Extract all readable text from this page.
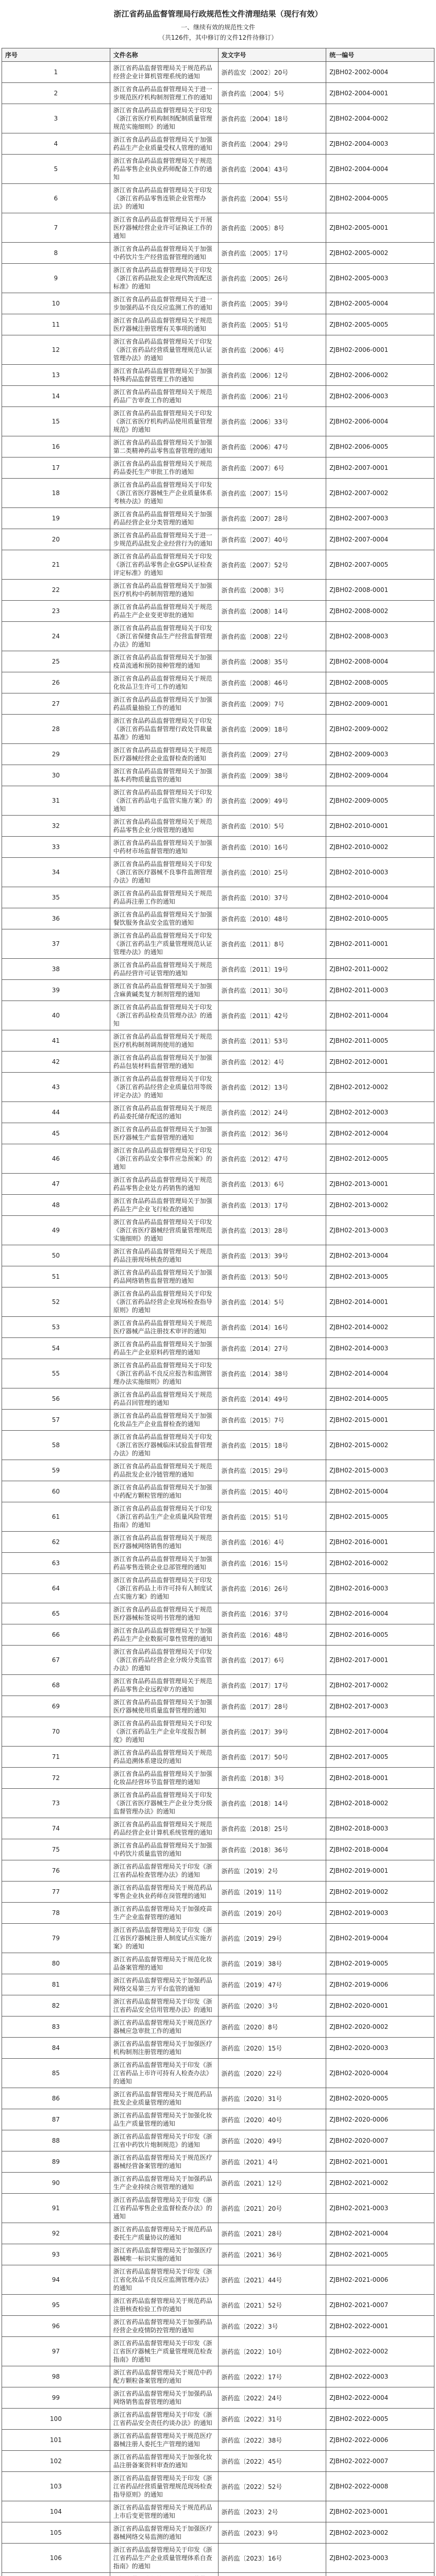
浙江省药品监督管理局行政规范性文件清理结果（现行有效）
一、继续有效的规范性文件
（共126件，其中修订的文件12件待修订）
序号	文件名称	发文字号	统一编号
1	浙江省药品监督管理局关于规范药品经营企业计算机管理系统的通知	浙药监安〔2002〕20号	ZJBH02-2002-0004
2	浙江省食品药品监督管理局关于进一步规范医疗机构制剂管理工作的通知	浙食药监〔2004〕5号	ZJBH02-2004-0001
3	浙江省食品药品监督管理局关于印发《浙江省医疗机构制剂配制质量管理规范实施细则》的通知	浙食药监〔2004〕18号	ZJBH02-2004-0002
4	浙江省食品药品监督管理局关于加强药品生产企业质量受权人管理的通知	浙食药监〔2004〕29号	ZJBH02-2004-0003
5	浙江省食品药品监督管理局关于规范药品零售企业执业药师配备工作的通知	浙食药监〔2004〕43号	ZJBH02-2004-0004
6	浙江省食品药品监督管理局关于印发《浙江省药品零售连锁企业管理办法》的通知	浙食药监〔2004〕55号	ZJBH02-2004-0005
7	浙江省食品药品监督管理局关于开展医疗器械经营企业许可证换证工作的通知	浙食药监〔2005〕8号	ZJBH02-2005-0001
8	浙江省食品药品监督管理局关于加强中药饮片生产经营监督管理的通知	浙食药监〔2005〕17号	ZJBH02-2005-0002
9	浙江省食品药品监督管理局关于印发《浙江省药品批发企业现代物流配送标准》的通知	浙食药监〔2005〕26号	ZJBH02-2005-0003
10	浙江省食品药品监督管理局关于进一步加强药品不良反应监测工作的通知	浙食药监〔2005〕39号	ZJBH02-2005-0004
11	浙江省食品药品监督管理局关于规范医疗器械注册管理有关事项的通知	浙食药监〔2005〕51号	ZJBH02-2005-0005
12	浙江省食品药品监督管理局关于印发《浙江省药品经营质量管理规范认证管理办法》的通知	浙食药监〔2006〕4号	ZJBH02-2006-0001
13	浙江省食品药品监督管理局关于加强特殊药品监督管理工作的通知	浙食药监〔2006〕12号	ZJBH02-2006-0002
14	浙江省食品药品监督管理局关于规范药品广告审查工作的通知	浙食药监〔2006〕21号	ZJBH02-2006-0003
15	浙江省食品药品监督管理局关于印发《浙江省医疗机构药品使用质量管理规范》的通知	浙食药监〔2006〕33号	ZJBH02-2006-0004
16	浙江省食品药品监督管理局关于加强第二类精神药品零售监督管理的通知	浙食药监〔2006〕47号	ZJBH02-2006-0005
17	浙江省食品药品监督管理局关于规范药品委托生产审批工作的通知	浙食药监〔2007〕6号	ZJBH02-2007-0001
18	浙江省食品药品监督管理局关于印发《浙江省医疗器械生产企业质量体系考核办法》的通知	浙食药监〔2007〕15号	ZJBH02-2007-0002
19	浙江省食品药品监督管理局关于加强药品经营企业分类管理的通知	浙食药监〔2007〕28号	ZJBH02-2007-0003
20	浙江省食品药品监督管理局关于进一步规范药品批发企业经营行为的通知	浙食药监〔2007〕40号	ZJBH02-2007-0004
21	浙江省食品药品监督管理局关于印发《浙江省药品零售企业GSP认证检查评定标准》的通知	浙食药监〔2007〕52号	ZJBH02-2007-0005
22	浙江省食品药品监督管理局关于加强医疗机构中药制剂管理的通知	浙食药监〔2008〕3号	ZJBH02-2008-0001
23	浙江省食品药品监督管理局关于规范药品生产企业变更审批的通知	浙食药监〔2008〕14号	ZJBH02-2008-0002
24	浙江省食品药品监督管理局关于印发《浙江省保健食品生产经营监督管理办法》的通知	浙食药监〔2008〕22号	ZJBH02-2008-0003
25	浙江省食品药品监督管理局关于加强疫苗流通和预防接种管理的通知	浙食药监〔2008〕35号	ZJBH02-2008-0004
26	浙江省食品药品监督管理局关于规范化妆品卫生许可工作的通知	浙食药监〔2008〕46号	ZJBH02-2008-0005
27	浙江省食品药品监督管理局关于加强药品质量抽验工作的通知	浙食药监〔2009〕7号	ZJBH02-2009-0001
28	浙江省食品药品监督管理局关于印发《浙江省药品监督管理行政处罚裁量基准》的通知	浙食药监〔2009〕18号	ZJBH02-2009-0002
29	浙江省食品药品监督管理局关于规范医疗器械经营企业监督检查的通知	浙食药监〔2009〕27号	ZJBH02-2009-0003
30	浙江省食品药品监督管理局关于加强基本药物质量监管的通知	浙食药监〔2009〕38号	ZJBH02-2009-0004
31	浙江省食品药品监督管理局关于印发《浙江省药品电子监管实施方案》的通知	浙食药监〔2009〕49号	ZJBH02-2009-0005
32	浙江省食品药品监督管理局关于规范药品零售企业分级管理的通知	浙食药监〔2010〕5号	ZJBH02-2010-0001
33	浙江省食品药品监督管理局关于加强中药材市场监督管理的通知	浙食药监〔2010〕16号	ZJBH02-2010-0002
34	浙江省食品药品监督管理局关于印发《浙江省医疗器械不良事件监测管理办法》的通知	浙食药监〔2010〕25号	ZJBH02-2010-0003
35	浙江省食品药品监督管理局关于规范药品再注册工作的通知	浙食药监〔2010〕37号	ZJBH02-2010-0004
36	浙江省食品药品监督管理局关于加强餐饮服务食品安全监管的通知	浙食药监〔2010〕48号	ZJBH02-2010-0005
37	浙江省食品药品监督管理局关于印发《浙江省药品生产质量管理规范认证管理办法》的通知	浙食药监〔2011〕8号	ZJBH02-2011-0001
38	浙江省食品药品监督管理局关于规范药品经营许可证管理的通知	浙食药监〔2011〕19号	ZJBH02-2011-0002
39	浙江省食品药品监督管理局关于加强含麻黄碱类复方制剂管理的通知	浙食药监〔2011〕30号	ZJBH02-2011-0003
40	浙江省食品药品监督管理局关于印发《浙江省药品检查员管理办法》的通知	浙食药监〔2011〕42号	ZJBH02-2011-0004
41	浙江省食品药品监督管理局关于规范医疗机构制剂调剂使用的通知	浙食药监〔2011〕53号	ZJBH02-2011-0005
42	浙江省食品药品监督管理局关于加强药品包装材料监督管理的通知	浙食药监〔2012〕4号	ZJBH02-2012-0001
43	浙江省食品药品监督管理局关于印发《浙江省药品经营企业质量信用等级评定办法》的通知	浙食药监〔2012〕13号	ZJBH02-2012-0002
44	浙江省食品药品监督管理局关于规范药品委托储存配送的通知	浙食药监〔2012〕24号	ZJBH02-2012-0003
45	浙江省食品药品监督管理局关于加强医疗器械生产监督管理的通知	浙食药监〔2012〕36号	ZJBH02-2012-0004
46	浙江省食品药品监督管理局关于印发《浙江省药品安全事件应急预案》的通知	浙食药监〔2012〕47号	ZJBH02-2012-0005
47	浙江省食品药品监督管理局关于规范药品零售企业处方药销售的通知	浙食药监〔2013〕6号	ZJBH02-2013-0001
48	浙江省食品药品监督管理局关于加强药品生产企业飞行检查的通知	浙食药监〔2013〕17号	ZJBH02-2013-0002
49	浙江省食品药品监督管理局关于印发《浙江省医疗器械经营质量管理规范实施细则》的通知	浙食药监〔2013〕28号	ZJBH02-2013-0003
50	浙江省食品药品监督管理局关于规范药品注册现场核查的通知	浙食药监〔2013〕39号	ZJBH02-2013-0004
51	浙江省食品药品监督管理局关于加强药品网络销售监督管理的通知	浙食药监〔2013〕50号	ZJBH02-2013-0005
52	浙江省食品药品监督管理局关于印发《浙江省药品经营企业现场检查指导原则》的通知	浙食药监〔2014〕5号	ZJBH02-2014-0001
53	浙江省食品药品监督管理局关于规范医疗器械产品注册技术审评的通知	浙食药监〔2014〕16号	ZJBH02-2014-0002
54	浙江省食品药品监督管理局关于加强药品生产企业原料药管理的通知	浙食药监〔2014〕27号	ZJBH02-2014-0003
55	浙江省食品药品监督管理局关于印发《浙江省药品不良反应报告和监测管理办法实施细则》的通知	浙食药监〔2014〕38号	ZJBH02-2014-0004
56	浙江省食品药品监督管理局关于规范药品召回管理的通知	浙食药监〔2014〕49号	ZJBH02-2014-0005
57	浙江省食品药品监督管理局关于加强化妆品生产企业监督检查的通知	浙食药监〔2015〕7号	ZJBH02-2015-0001
58	浙江省食品药品监督管理局关于印发《浙江省医疗器械临床试验监督管理办法》的通知	浙食药监〔2015〕18号	ZJBH02-2015-0002
59	浙江省食品药品监督管理局关于规范药品批发企业冷链管理的通知	浙食药监〔2015〕29号	ZJBH02-2015-0003
60	浙江省食品药品监督管理局关于加强中药配方颗粒管理的通知	浙食药监〔2015〕40号	ZJBH02-2015-0004
61	浙江省食品药品监督管理局关于印发《浙江省药品生产企业质量风险管理指南》的通知	浙食药监〔2015〕51号	ZJBH02-2015-0005
62	浙江省食品药品监督管理局关于规范医疗器械网络销售的通知	浙食药监〔2016〕4号	ZJBH02-2016-0001
63	浙江省食品药品监督管理局关于加强药品零售连锁企业总部管理的通知	浙食药监〔2016〕15号	ZJBH02-2016-0002
64	浙江省食品药品监督管理局关于印发《浙江省药品上市许可持有人制度试点实施方案》的通知	浙食药监〔2016〕26号	ZJBH02-2016-0003
65	浙江省食品药品监督管理局关于规范医疗器械标签说明书管理的通知	浙食药监〔2016〕37号	ZJBH02-2016-0004
66	浙江省食品药品监督管理局关于加强药品生产企业数据可靠性管理的通知	浙食药监〔2016〕48号	ZJBH02-2016-0005
67	浙江省食品药品监督管理局关于印发《浙江省药品经营企业分级分类监管办法》的通知	浙食药监〔2017〕6号	ZJBH02-2017-0001
68	浙江省食品药品监督管理局关于规范药品零售企业远程审方的通知	浙食药监〔2017〕17号	ZJBH02-2017-0002
69	浙江省食品药品监督管理局关于加强医疗器械使用质量监督管理的通知	浙食药监〔2017〕28号	ZJBH02-2017-0003
70	浙江省食品药品监督管理局关于印发《浙江省药品生产企业年度报告制度》的通知	浙食药监〔2017〕39号	ZJBH02-2017-0004
71	浙江省食品药品监督管理局关于规范药品追溯体系建设的通知	浙食药监〔2017〕50号	ZJBH02-2017-0005
72	浙江省食品药品监督管理局关于加强化妆品经营环节监督管理的通知	浙食药监〔2018〕3号	ZJBH02-2018-0001
73	浙江省食品药品监督管理局关于印发《浙江省医疗器械生产企业分类分级监督管理办法》的通知	浙食药监〔2018〕14号	ZJBH02-2018-0002
74	浙江省食品药品监督管理局关于规范药品经营企业计算机系统管理的通知	浙食药监〔2018〕25号	ZJBH02-2018-0003
75	浙江省食品药品监督管理局关于加强中药饮片质量监管的通知	浙食药监〔2018〕36号	ZJBH02-2018-0004
76	浙江省药品监督管理局关于印发《浙江省药品检查管理办法》的通知	浙药监〔2019〕2号	ZJBH02-2019-0001
77	浙江省药品监督管理局关于规范药品零售企业执业药师在岗管理的通知	浙药监〔2019〕11号	ZJBH02-2019-0002
78	浙江省药品监督管理局关于加强疫苗生产企业监督管理的通知	浙药监〔2019〕20号	ZJBH02-2019-0003
79	浙江省药品监督管理局关于印发《浙江省医疗器械注册人制度试点实施方案》的通知	浙药监〔2019〕29号	ZJBH02-2019-0004
80	浙江省药品监督管理局关于规范化妆品备案管理的通知	浙药监〔2019〕38号	ZJBH02-2019-0005
81	浙江省药品监督管理局关于加强药品网络交易第三方平台监管的通知	浙药监〔2019〕47号	ZJBH02-2019-0006
82	浙江省药品监督管理局关于印发《浙江省药品安全信用管理办法》的通知	浙药监〔2020〕3号	ZJBH02-2020-0001
83	浙江省药品监督管理局关于规范医疗器械应急审批工作的通知	浙药监〔2020〕8号	ZJBH02-2020-0002
84	浙江省药品监督管理局关于加强医疗机构制剂注册管理的通知	浙药监〔2020〕15号	ZJBH02-2020-0003
85	浙江省药品监督管理局关于印发《浙江省药品上市许可持有人检查办法》的通知	浙药监〔2020〕22号	ZJBH02-2020-0004
86	浙江省药品监督管理局关于规范药品批发企业质量管理的通知	浙药监〔2020〕31号	ZJBH02-2020-0005
87	浙江省药品监督管理局关于加强化妆品生产质量管理的通知	浙药监〔2020〕40号	ZJBH02-2020-0006
88	浙江省药品监督管理局关于印发《浙江省中药饮片炮制规范》的通知	浙药监〔2020〕49号	ZJBH02-2020-0007
89	浙江省药品监督管理局关于规范医疗器械经营备案管理的通知	浙药监〔2021〕4号	ZJBH02-2021-0001
90	浙江省药品监督管理局关于加强药品生产企业持续合规管理的通知	浙药监〔2021〕12号	ZJBH02-2021-0002
91	浙江省药品监督管理局关于印发《浙江省药品零售企业监督检查办法》的通知	浙药监〔2021〕20号	ZJBH02-2021-0003
92	浙江省药品监督管理局关于规范药品委托生产质量协议的通知	浙药监〔2021〕28号	ZJBH02-2021-0004
93	浙江省药品监督管理局关于加强医疗器械唯一标识实施的通知	浙药监〔2021〕36号	ZJBH02-2021-0005
94	浙江省药品监督管理局关于印发《浙江省化妆品不良反应监测管理办法》的通知	浙药监〔2021〕44号	ZJBH02-2021-0006
95	浙江省药品监督管理局关于规范药品注册核查检验工作的通知	浙药监〔2021〕52号	ZJBH02-2021-0007
96	浙江省药品监督管理局关于加强药品经营企业疫情防控管理的通知	浙药监〔2022〕3号	ZJBH02-2022-0001
97	浙江省药品监督管理局关于印发《浙江省医疗器械生产质量管理规范检查指南》的通知	浙药监〔2022〕10号	ZJBH02-2022-0002
98	浙江省药品监督管理局关于规范中药配方颗粒备案管理的通知	浙药监〔2022〕17号	ZJBH02-2022-0003
99	浙江省药品监督管理局关于加强药品网络销售监督管理的通知	浙药监〔2022〕24号	ZJBH02-2022-0004
100	浙江省药品监督管理局关于印发《浙江省药品安全责任约谈办法》的通知	浙药监〔2022〕31号	ZJBH02-2022-0005
101	浙江省药品监督管理局关于规范医疗器械注册人委托生产管理的通知	浙药监〔2022〕38号	ZJBH02-2022-0006
102	浙江省药品监督管理局关于加强化妆品注册备案资料审查的通知	浙药监〔2022〕45号	ZJBH02-2022-0007
103	浙江省药品监督管理局关于印发《浙江省药品经营质量管理规范现场检查指导原则》的通知	浙药监〔2022〕52号	ZJBH02-2022-0008
104	浙江省药品监督管理局关于规范药品上市后变更管理的通知	浙药监〔2023〕2号	ZJBH02-2023-0001
105	浙江省药品监督管理局关于加强医疗器械网络交易监测的通知	浙药监〔2023〕9号	ZJBH02-2023-0002
106	浙江省药品监督管理局关于印发《浙江省药品生产企业质量管理体系自查指南》的通知	浙药监〔2023〕16号	ZJBH02-2023-0003
